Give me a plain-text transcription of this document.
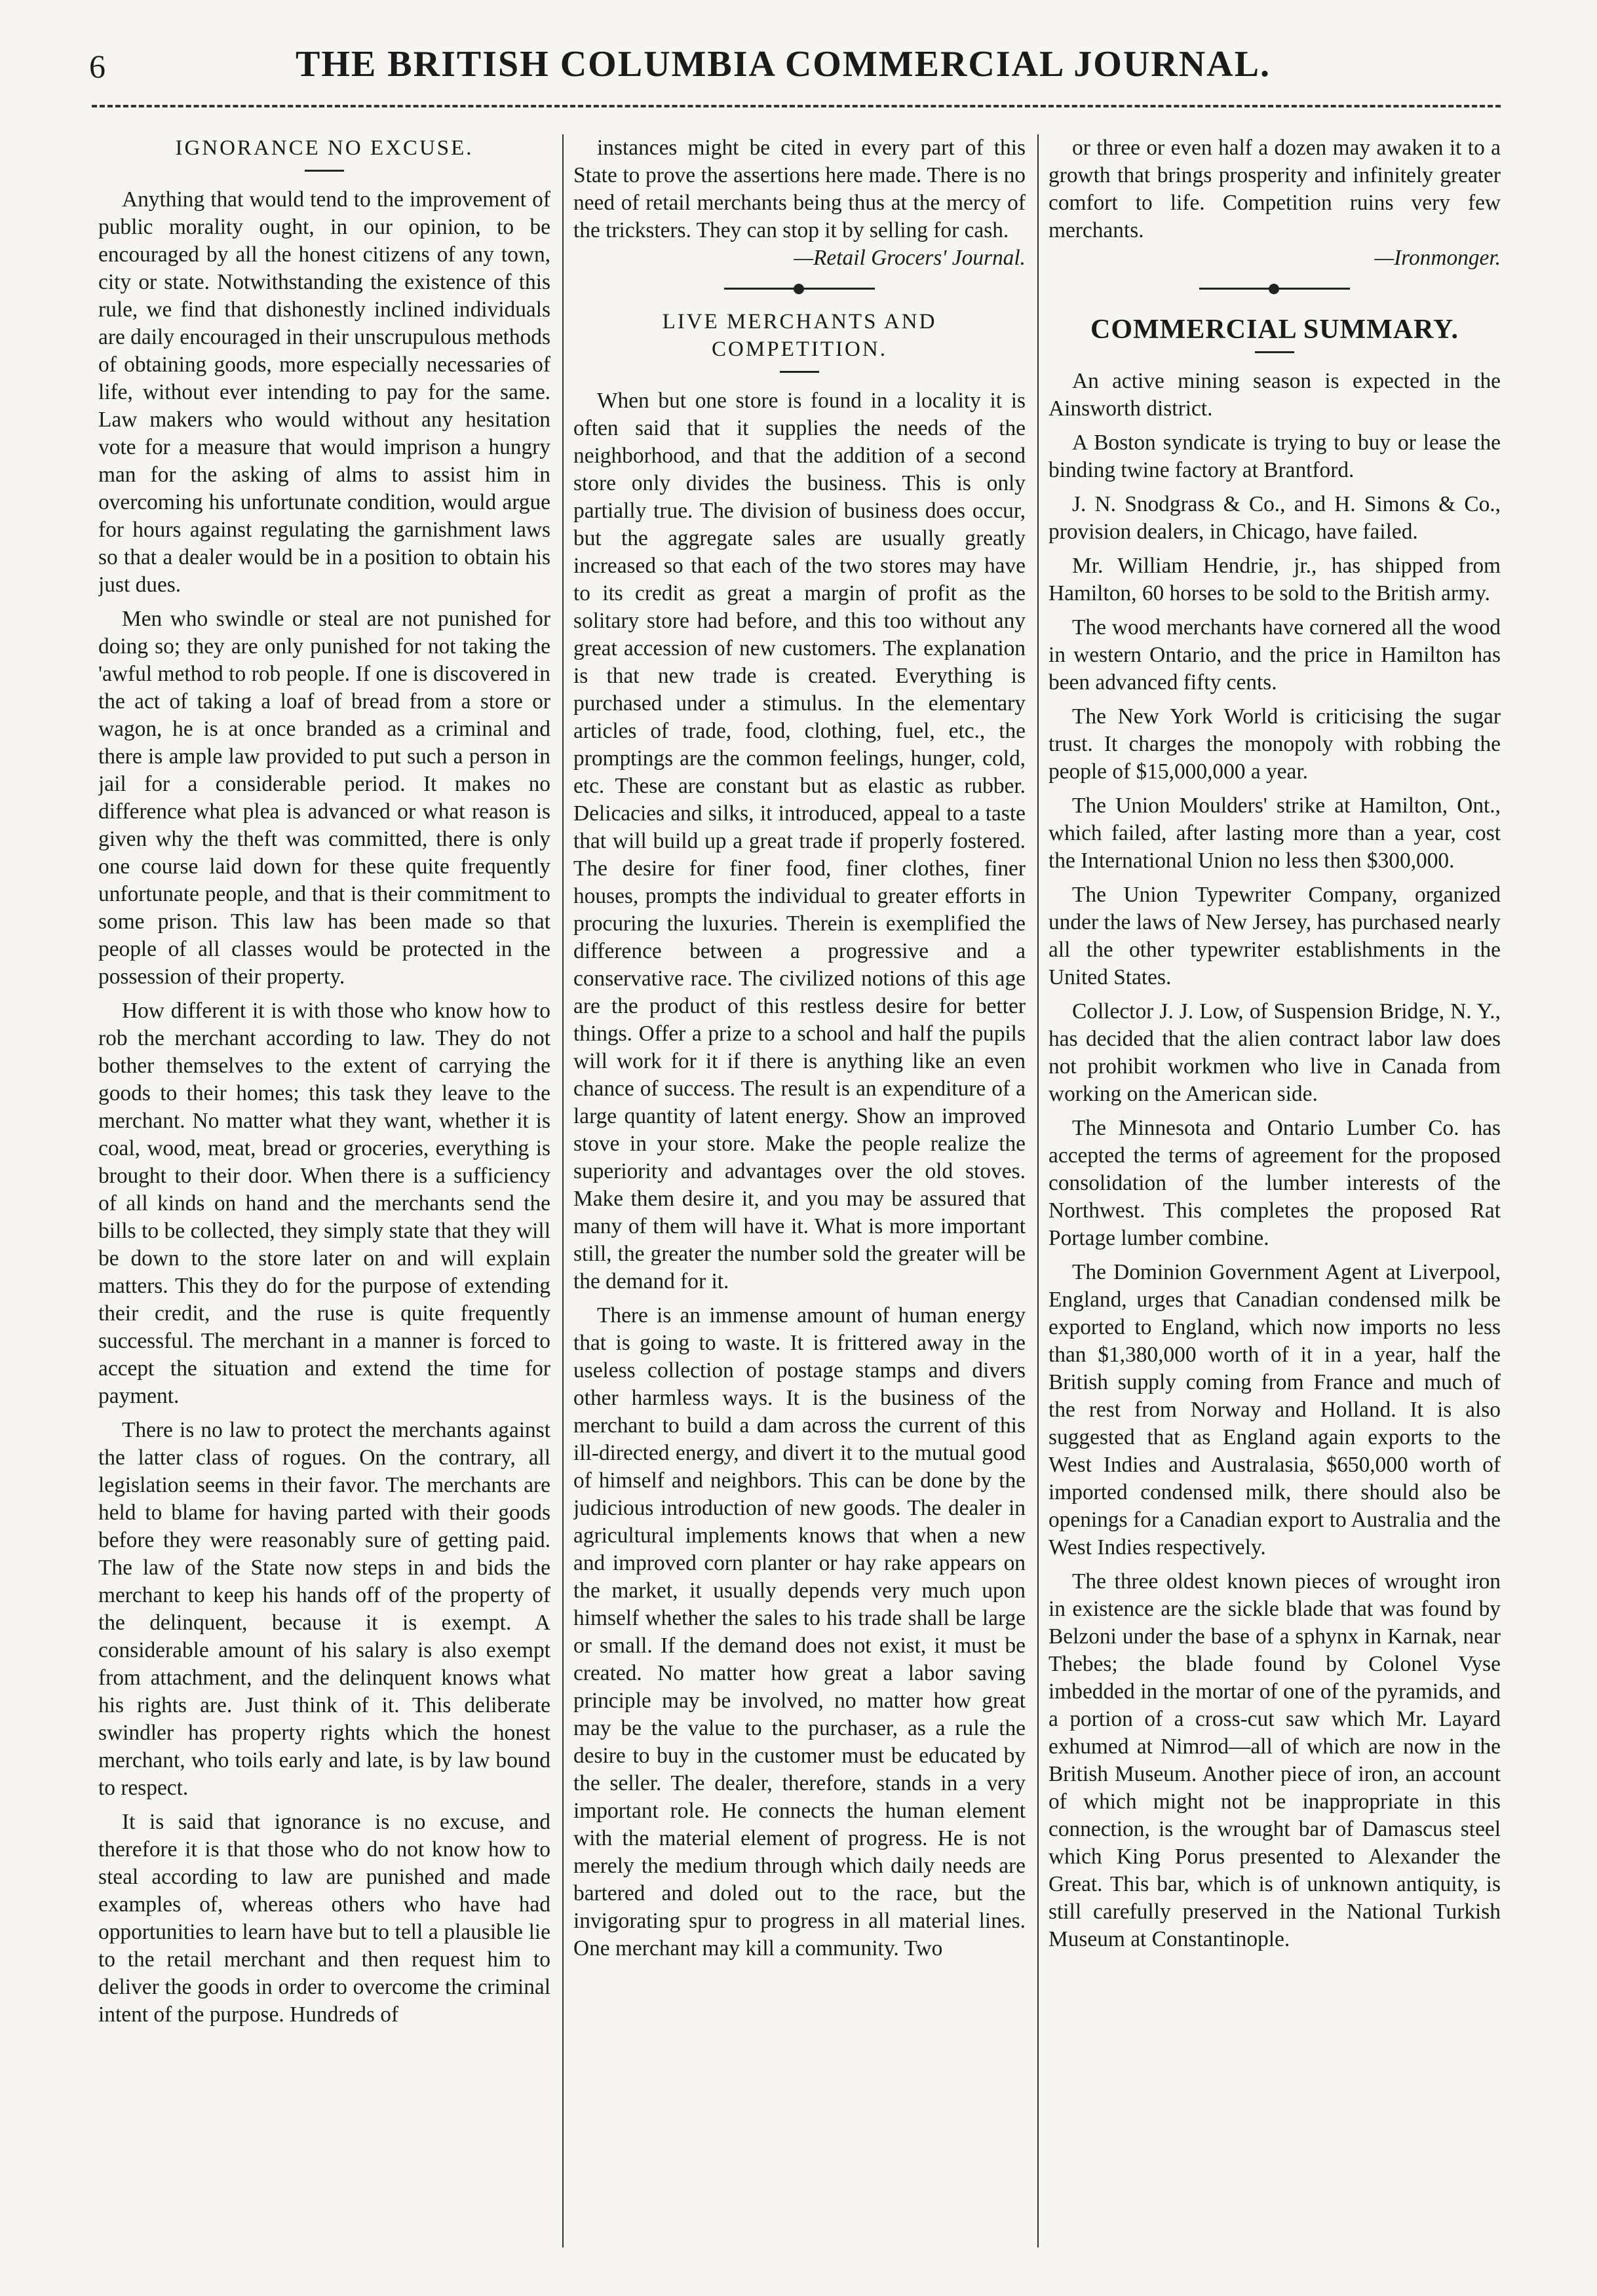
6	THE BRITISH COLUMBIA COMMERCIAL JOURNAL.
IGNORANCE NO EXCUSE.

Anything that would tend to the improvement of public morality ought, in our opinion, to be encouraged by all the honest citizens of any town, city or state. Notwithstanding the existence of this rule, we find that dishonestly inclined individuals are daily encouraged in their unscrupulous methods of obtaining goods, more especially necessaries of life, without ever intending to pay for the same. Law makers who would without any hesitation vote for a measure that would imprison a hungry man for the asking of alms to assist him in overcoming his unfortunate condition, would argue for hours against regulating the garnishment laws so that a dealer would be in a position to obtain his just dues.

Men who swindle or steal are not punished for doing so; they are only punished for not taking the 'awful method to rob people. If one is discovered in the act of taking a loaf of bread from a store or wagon, he is at once branded as a criminal and there is ample law provided to put such a person in jail for a considerable period. It makes no difference what plea is advanced or what reason is given why the theft was committed, there is only one course laid down for these quite frequently unfortunate people, and that is their commitment to some prison. This law has been made so that people of all classes would be protected in the possession of their property.

How different it is with those who know how to rob the merchant according to law. They do not bother themselves to the extent of carrying the goods to their homes; this task they leave to the merchant. No matter what they want, whether it is coal, wood, meat, bread or groceries, everything is brought to their door. When there is a sufficiency of all kinds on hand and the merchants send the bills to be collected, they simply state that they will be down to the store later on and will explain matters. This they do for the purpose of extending their credit, and the ruse is quite frequently successful. The merchant in a manner is forced to accept the situation and extend the time for payment.

There is no law to protect the merchants against the latter class of rogues. On the contrary, all legislation seems in their favor. The merchants are held to blame for having parted with their goods before they were reasonably sure of getting paid. The law of the State now steps in and bids the merchant to keep his hands off of the property of the delinquent, because it is exempt. A considerable amount of his salary is also exempt from attachment, and the delinquent knows what his rights are. Just think of it. This deliberate swindler has property rights which the honest merchant, who toils early and late, is by law bound to respect.

It is said that ignorance is no excuse, and therefore it is that those who do not know how to steal according to law are punished and made examples of, whereas others who have had opportunities to learn have but to tell a plausible lie to the retail merchant and then request him to deliver the goods in order to overcome the criminal intent of the purpose. Hundreds of

instances might be cited in every part of this State to prove the assertions here made. There is no need of retail merchants being thus at the mercy of the tricksters. They can stop it by selling for cash.

—Retail Grocers' Journal.
LIVE MERCHANTS AND COMPETITION.

When but one store is found in a locality it is often said that it supplies the needs of the neighborhood, and that the addition of a second store only divides the business. This is only partially true. The division of business does occur, but the aggregate sales are usually greatly increased so that each of the two stores may have to its credit as great a margin of profit as the solitary store had before, and this too without any great accession of new customers. The explanation is that new trade is created. Everything is purchased under a stimulus. In the elementary articles of trade, food, clothing, fuel, etc., the promptings are the common feelings, hunger, cold, etc. These are constant but as elastic as rubber. Delicacies and silks, it introduced, appeal to a taste that will build up a great trade if properly fostered. The desire for finer food, finer clothes, finer houses, prompts the individual to greater efforts in procuring the luxuries. Therein is exemplified the difference between a progressive and a conservative race. The civilized notions of this age are the product of this restless desire for better things. Offer a prize to a school and half the pupils will work for it if there is anything like an even chance of success. The result is an expenditure of a large quantity of latent energy. Show an improved stove in your store. Make the people realize the superiority and advantages over the old stoves. Make them desire it, and you may be assured that many of them will have it. What is more important still, the greater the number sold the greater will be the demand for it.

There is an immense amount of human energy that is going to waste. It is frittered away in the useless collection of postage stamps and divers other harmless ways. It is the business of the merchant to build a dam across the current of this ill-directed energy, and divert it to the mutual good of himself and neighbors. This can be done by the judicious introduction of new goods. The dealer in agricultural implements knows that when a new and improved corn planter or hay rake appears on the market, it usually depends very much upon himself whether the sales to his trade shall be large or small. If the demand does not exist, it must be created. No matter how great a labor saving principle may be involved, no matter how great may be the value to the purchaser, as a rule the desire to buy in the customer must be educated by the seller. The dealer, therefore, stands in a very important role. He connects the human element with the material element of progress. He is not merely the medium through which daily needs are bartered and doled out to the race, but the invigorating spur to progress in all material lines. One merchant may kill a community. Two

or three or even half a dozen may awaken it to a growth that brings prosperity and infinitely greater comfort to life. Competition ruins very few merchants.

—Ironmonger.
COMMERCIAL SUMMARY.

An active mining season is expected in the Ainsworth district.

A Boston syndicate is trying to buy or lease the binding twine factory at Brantford.

J. N. Snodgrass & Co., and H. Simons & Co., provision dealers, in Chicago, have failed.

Mr. William Hendrie, jr., has shipped from Hamilton, 60 horses to be sold to the British army.

The wood merchants have cornered all the wood in western Ontario, and the price in Hamilton has been advanced fifty cents.

The New York World is criticising the sugar trust. It charges the monopoly with robbing the people of $15,000,000 a year.

The Union Moulders' strike at Hamilton, Ont., which failed, after lasting more than a year, cost the International Union no less then $300,000.

The Union Typewriter Company, organized under the laws of New Jersey, has purchased nearly all the other typewriter establishments in the United States.

Collector J. J. Low, of Suspension Bridge, N. Y., has decided that the alien contract labor law does not prohibit workmen who live in Canada from working on the American side.

The Minnesota and Ontario Lumber Co. has accepted the terms of agreement for the proposed consolidation of the lumber interests of the Northwest. This completes the proposed Rat Portage lumber combine.

The Dominion Government Agent at Liverpool, England, urges that Canadian condensed milk be exported to England, which now imports no less than $1,380,000 worth of it in a year, half the British supply coming from France and much of the rest from Norway and Holland. It is also suggested that as England again exports to the West Indies and Australasia, $650,000 worth of imported condensed milk, there should also be openings for a Canadian export to Australia and the West Indies respectively.

The three oldest known pieces of wrought iron in existence are the sickle blade that was found by Belzoni under the base of a sphynx in Karnak, near Thebes; the blade found by Colonel Vyse imbedded in the mortar of one of the pyramids, and a portion of a cross-cut saw which Mr. Layard exhumed at Nimrod—all of which are now in the British Museum. Another piece of iron, an account of which might not be inappropriate in this connection, is the wrought bar of Damascus steel which King Porus presented to Alexander the Great. This bar, which is of unknown antiquity, is still carefully preserved in the National Turkish Museum at Constantinople.
